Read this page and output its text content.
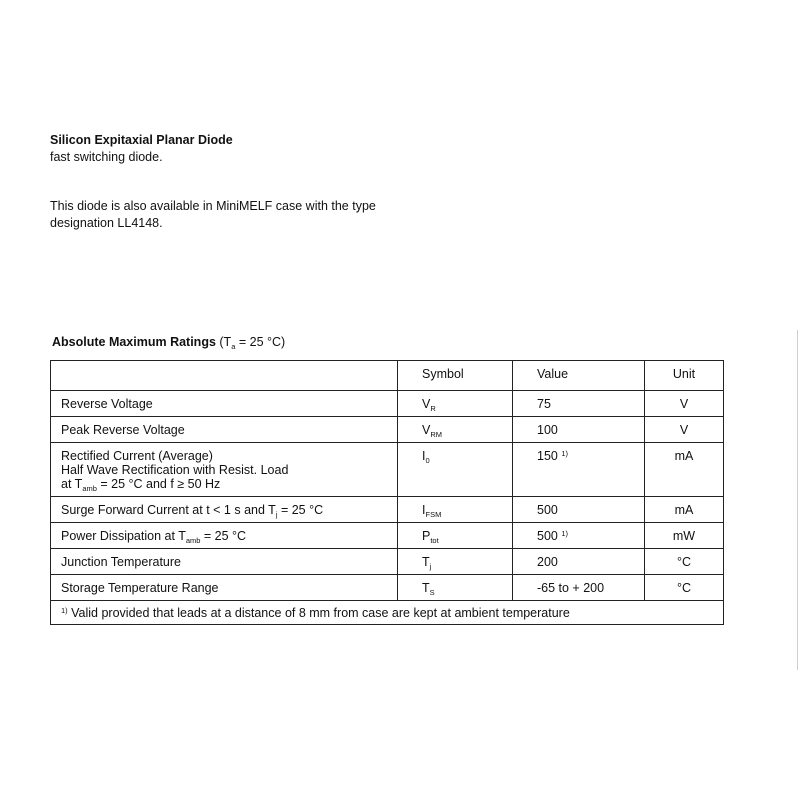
Silicon Expitaxial Planar Diode
fast switching diode.
This diode is also available in MiniMELF case with the type
designation LL4148.
Absolute Maximum Ratings ($T_a = 25$ °C)
	Symbol	Value	Unit
Reverse Voltage	$V_R$	75	V
Peak Reverse Voltage	$V_{RM}$	100	V

Rectified Current (Average)
Half Wave Rectification with Resist. Load
at $T_{amb} = 25$ °C and f ≥ 50 Hz	$I_0$	150 $^{1)}$	mA
Surge Forward Current at t < 1 s and $T_j = 25$ °C	$I_{FSM}$	500	mA
Power Dissipation at $T_{amb} = 25$ °C	$P_{tot}$	500 $^{1)}$	mW
Junction Temperature	$T_j$	200	°C
Storage Temperature Range	$T_S$	-65 to + 200	°C
$^{1)}$ Valid provided that leads at a distance of 8 mm from case are kept at ambient temperature			
